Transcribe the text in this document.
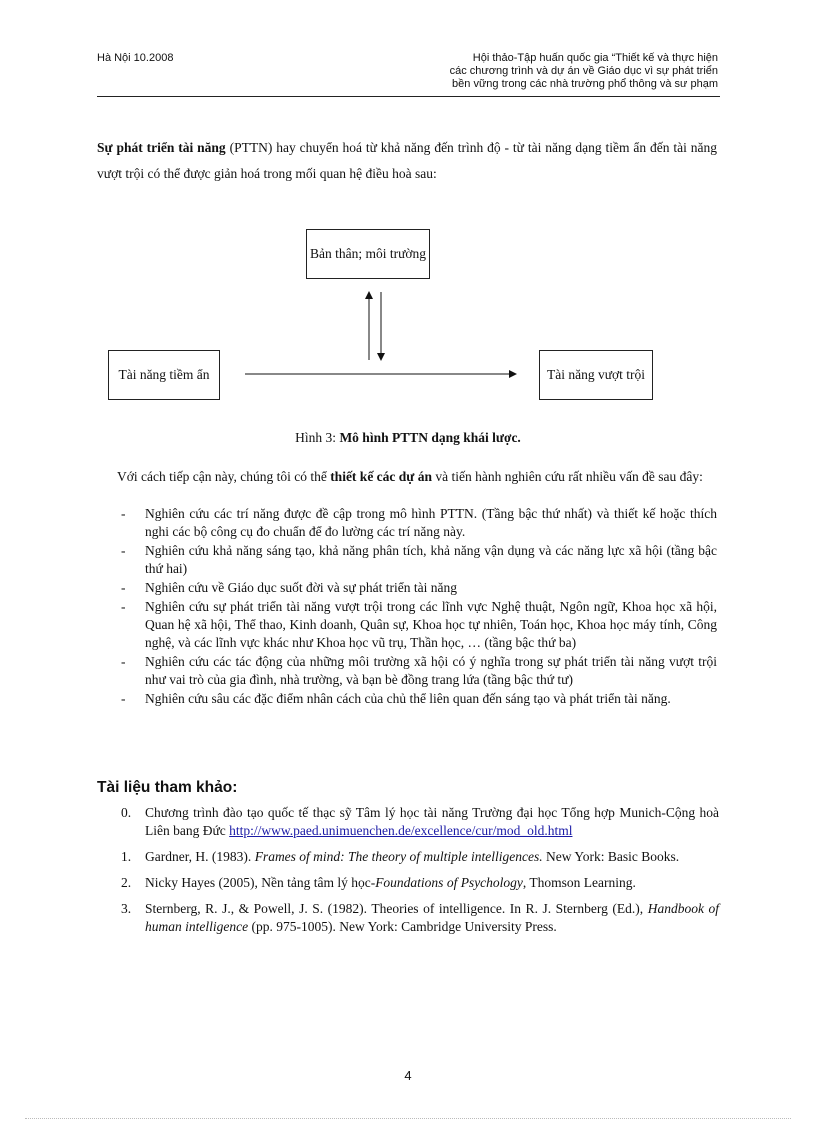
Hà Nội 10.2008	Hội thảo-Tập huấn quốc gia “Thiết kế và thực hiện
các chương trình và dự án về Giáo dục vì sự phát triển
bền vững trong các nhà trường phổ thông và sư phạm

Sự phát triển tài năng (PTTN) hay chuyển hoá từ khả năng đến trình độ - từ tài năng dạng tiềm ẩn đến tài năng vượt trội có thể được giản hoá trong mối quan hệ điều hoà sau:

Bản thân; môi trường
Tài năng tiềm ẩn	Tài năng vượt trội
Hình 3: Mô hình PTTN dạng khái lược.

Với cách tiếp cận này, chúng tôi có thể thiết kế các dự án và tiến hành nghiên cứu rất nhiều vấn đề sau đây:

- Nghiên cứu các trí năng được đề cập trong mô hình PTTN. (Tầng bậc thứ nhất) và thiết kế hoặc thích nghi các bộ công cụ đo chuẩn để đo lường các trí năng này.
- Nghiên cứu khả năng sáng tạo, khả năng phân tích, khả năng vận dụng và các năng lực xã hội (tầng bậc thứ hai)
- Nghiên cứu về Giáo dục suốt đời và sự phát triển tài năng
- Nghiên cứu sự phát triển tài năng vượt trội trong các lĩnh vực Nghệ thuật, Ngôn ngữ, Khoa học xã hội, Quan hệ xã hội, Thể thao, Kinh doanh, Quân sự, Khoa học tự nhiên, Toán học, Khoa học máy tính, Công nghệ, và các lĩnh vực khác như Khoa học vũ trụ, Thần học, … (tầng bậc thứ ba)
- Nghiên cứu các tác động của những môi trường xã hội có ý nghĩa trong sự phát triển tài năng vượt trội như vai trò của gia đình, nhà trường, và bạn bè đồng trang lứa (tầng bậc thứ tư)
- Nghiên cứu sâu các đặc điểm nhân cách của chủ thể liên quan đến sáng tạo và phát triển tài năng.
Tài liệu tham khảo:
0. Chương trình đào tạo quốc tế thạc sỹ Tâm lý học tài năng Trường đại học Tổng hợp Munich-Cộng hoà Liên bang Đức http://www.paed.unimuenchen.de/excellence/cur/mod_old.html
1. Gardner, H. (1983). Frames of mind: The theory of multiple intelligences. New York: Basic Books.
2. Nicky Hayes (2005), Nền tảng tâm lý học-Foundations of Psychology, Thomson Learning.
3. Sternberg, R. J., & Powell, J. S. (1982). Theories of intelligence. In R. J. Sternberg (Ed.), Handbook of human intelligence (pp. 975-1005). New York: Cambridge University Press.
4
